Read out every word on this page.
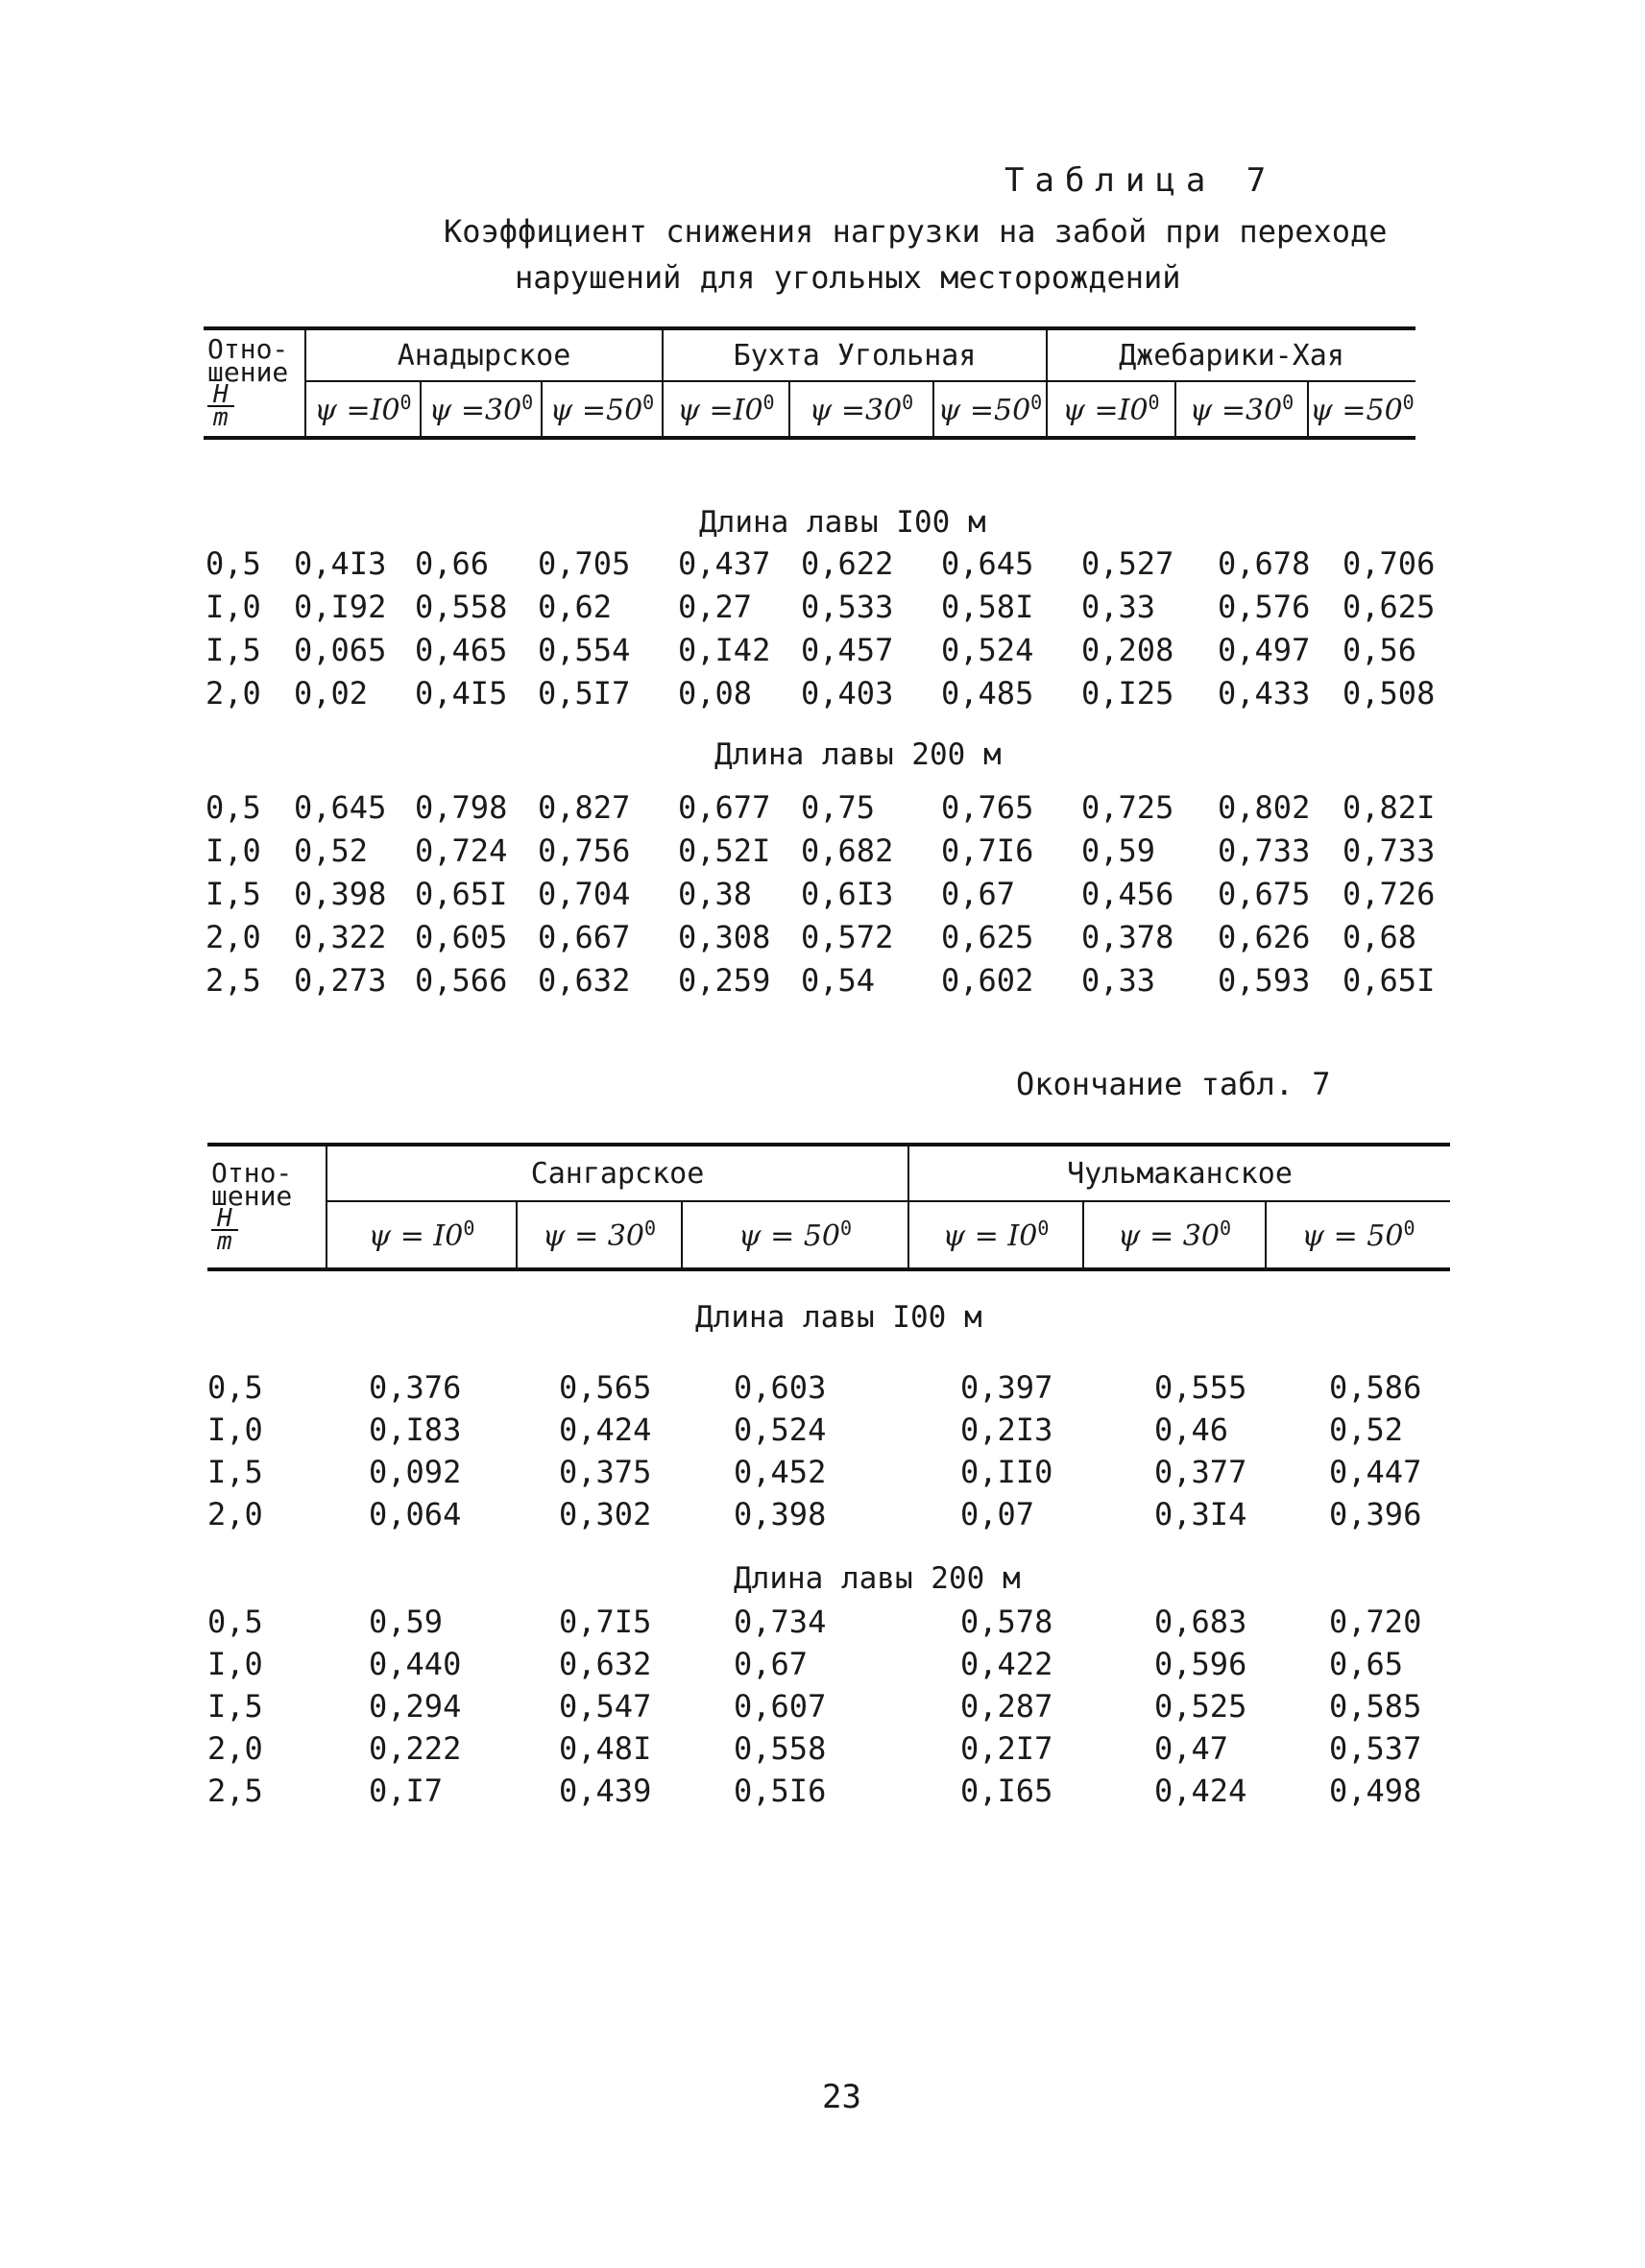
Таблица 7
Коэффициент снижения нагрузки на забой при переходе
нарушений для угольных месторождений
Отно-
шение
$\frac{H}{m}$	Анадырское			Бухта Угольная			Джебарики-Хая		
	$\psi =I0^0$	$\psi =30^0$	$\psi =50^0$	$\psi =I0^0$	$\psi =30^0$	$\psi =50^0$	$\psi =I0^0$	$\psi =30^0$	$\psi =50^0$
Длина лавы I00 м
Длина лавы 200 м
0,5 0,4I3 0,66 0,705 0,437 0,622 0,645 0,527 0,678 0,706
I,0 0,I92 0,558 0,62 0,27 0,533 0,58I 0,33 0,576 0,625
I,5 0,065 0,465 0,554 0,I42 0,457 0,524 0,208 0,497 0,56
2,0 0,02 0,4I5 0,5I7 0,08 0,403 0,485 0,I25 0,433 0,508
0,5 0,645 0,798 0,827 0,677 0,75 0,765 0,725 0,802 0,82I
I,0 0,52 0,724 0,756 0,52I 0,682 0,7I6 0,59 0,733 0,733
I,5 0,398 0,65I 0,704 0,38 0,6I3 0,67 0,456 0,675 0,726
2,0 0,322 0,605 0,667 0,308 0,572 0,625 0,378 0,626 0,68
2,5 0,273 0,566 0,632 0,259 0,54 0,602 0,33 0,593 0,65I
Окончание табл. 7
Отно-
шение
$\frac{H}{m}$	Сангарское			Чульмаканское		
	$\psi = I0^0$	$\psi = 30^0$	$\psi = 50^0$	$\psi = I0^0$	$\psi = 30^0$	$\psi = 50^0$
Длина лавы I00 м
Длина лавы 200 м
0,5	0,376	0,565	0,603	0,397	0,555	0,586
I,0	0,I83	0,424	0,524	0,2I3	0,46	0,52
I,5	0,092	0,375	0,452	0,II0	0,377	0,447
2,0	0,064	0,302	0,398	0,07	0,3I4	0,396
0,5	0,59	0,7I5	0,734	0,578	0,683	0,720
I,0	0,440	0,632	0,67	0,422	0,596	0,65
I,5	0,294	0,547	0,607	0,287	0,525	0,585
2,0	0,222	0,48I	0,558	0,2I7	0,47	0,537
2,5	0,I7	0,439	0,5I6	0,I65	0,424	0,498
23
